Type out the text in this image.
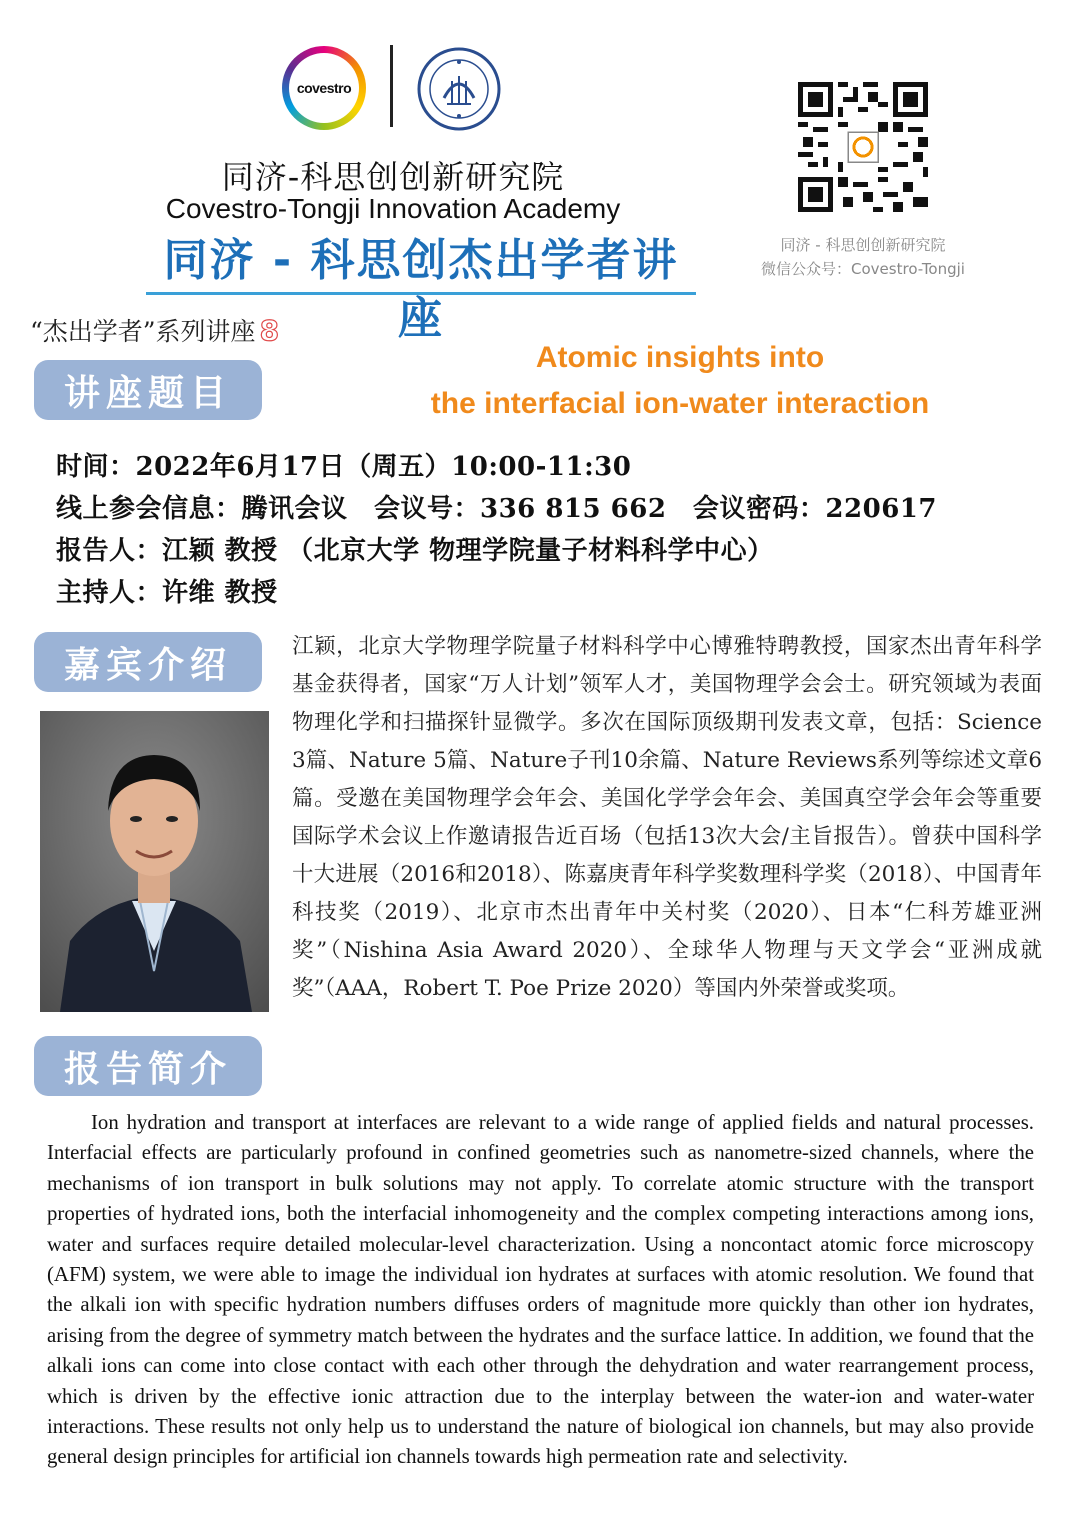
covestro
同济-科思创创新研究院
Covestro-Tongji Innovation Academy
同济 - 科思创杰出学者讲座
同济 - 科思创创新研究院
微信公众号：Covestro-Tongji
“杰出学者”系列讲座 8
讲座题目
Atomic insights into
the interfacial ion-water interaction
时间：2022年6月17日（周五）10:00-11:30
线上参会信息：腾讯会议　会议号：336 815 662　会议密码：220617
报告人：江颖 教授 （北京大学 物理学院量子材料科学中心）
主持人：许维 教授
嘉宾介绍	江颖，北京大学物理学院量子材料科学中心博雅特聘教授，国家杰出青年科学基金获得者，国家“万人计划”领军人才，美国物理学会会士。研究领域为表面物理化学和扫描探针显微学。多次在国际顶级期刊发表文章，包括：Science 3篇、Nature 5篇、Nature子刊10余篇、Nature Reviews系列等综述文章6篇。受邀在美国物理学会年会、美国化学学会年会、美国真空学会年会等重要国际学术会议上作邀请报告近百场（包括13次大会/主旨报告）。曾获中国科学十大进展（2016和2018）、陈嘉庚青年科学奖数理科学奖（2018）、中国青年科技奖（2019）、北京市杰出青年中关村奖（2020）、日本“仁科芳雄亚洲奖”（Nishina Asia Award 2020）、全球华人物理与天文学会“亚洲成就奖”（AAA，Robert T. Poe Prize 2020）等国内外荣誉或奖项。
报告简介
Ion hydration and transport at interfaces are relevant to a wide range of applied fields and natural processes. Interfacial effects are particularly profound in confined geometries such as nanometre-sized channels, where the mechanisms of ion transport in bulk solutions may not apply. To correlate atomic structure with the transport properties of hydrated ions, both the interfacial inhomogeneity and the complex competing interactions among ions, water and surfaces require detailed molecular-level characterization. Using a noncontact atomic force microscopy (AFM) system, we were able to image the individual ion hydrates at surfaces with atomic resolution. We found that the alkali ion with specific hydration numbers diffuses orders of magnitude more quickly than other ion hydrates, arising from the degree of symmetry match between the hydrates and the surface lattice. In addition, we found that the alkali ions can come into close contact with each other through the dehydration and water rearrangement process, which is driven by the effective ionic attraction due to the interplay between the water-ion and water-water interactions. These results not only help us to understand the nature of biological ion channels, but may also provide general design principles for artificial ion channels towards high permeation rate and selectivity.
